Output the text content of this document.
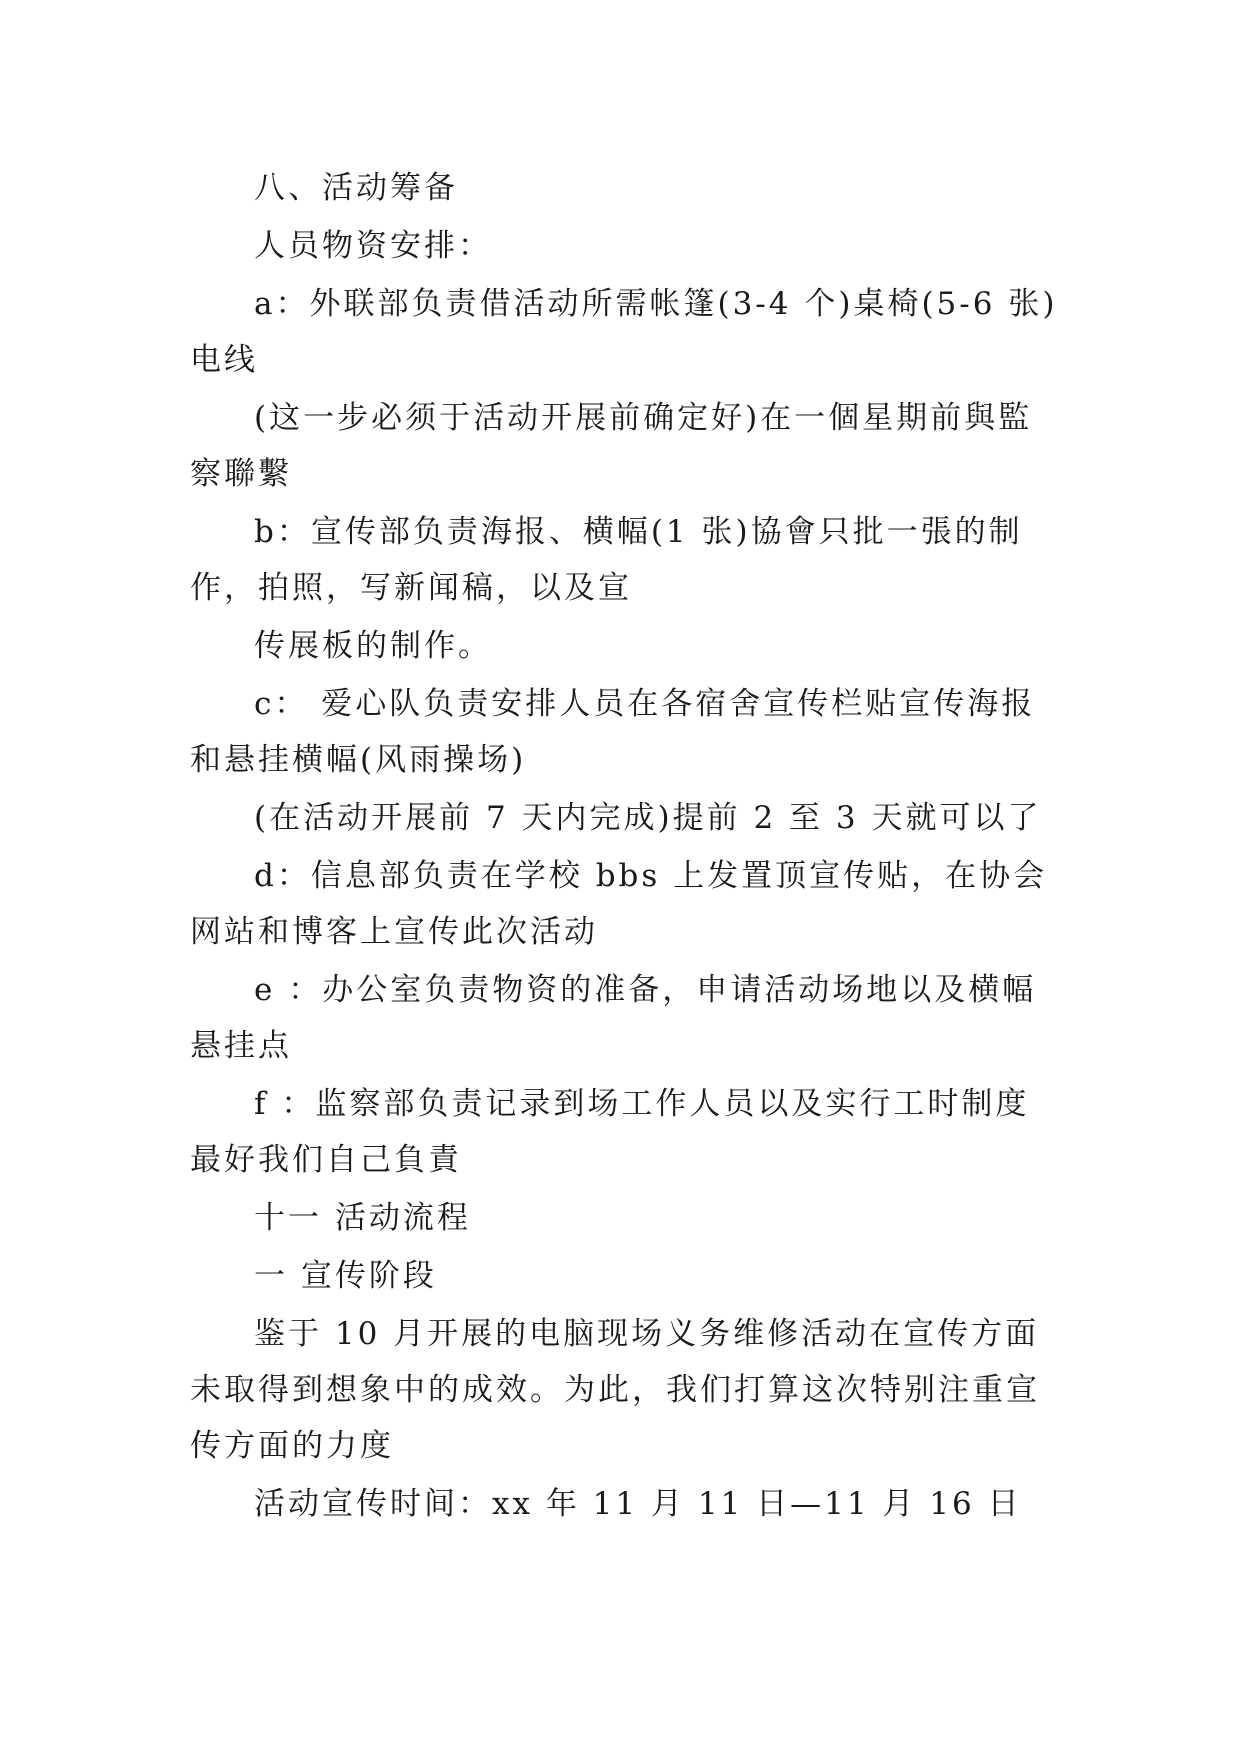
八、活动筹备

人员物资安排：

a：外联部负责借活动所需帐篷(3-4 个)桌椅(5-6 张)电线

(这一步必须于活动开展前确定好)在一個星期前與監察聯繫

b：宣传部负责海报、横幅(1 张)協會只批一張的制作，拍照，写新闻稿，以及宣

传展板的制作。

c： 爱心队负责安排人员在各宿舍宣传栏贴宣传海报和悬挂横幅(风雨操场)

(在活动开展前 7 天内完成)提前 2 至 3 天就可以了

d：信息部负责在学校 bbs 上发置顶宣传贴，在协会网站和博客上宣传此次活动

e ：办公室负责物资的准备，申请活动场地以及横幅悬挂点

f ：监察部负责记录到场工作人员以及实行工时制度最好我们自己負責

十一 活动流程

一 宣传阶段

鉴于 10 月开展的电脑现场义务维修活动在宣传方面未取得到想象中的成效。为此，我们打算这次特别注重宣传方面的力度

活动宣传时间：xx 年 11 月 11 日—11 月 16 日
